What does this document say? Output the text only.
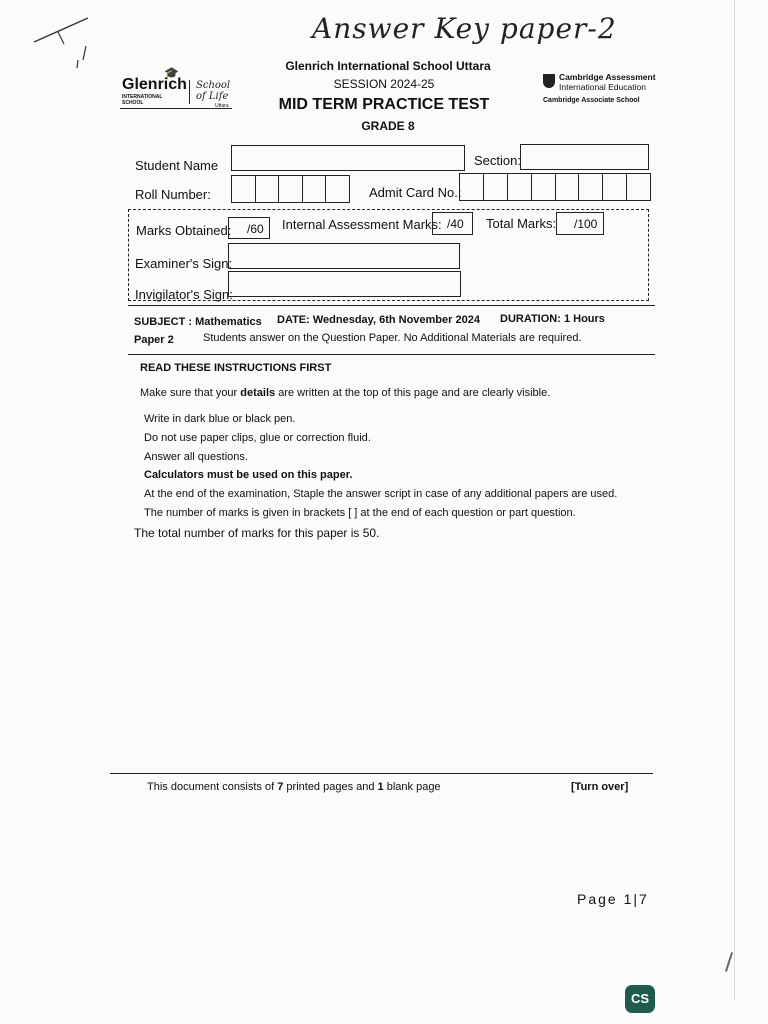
Answer Key paper-2
🎓
Glenrich
INTERNATIONAL SCHOOL
School
of Life
Uttara
Glenrich International School Uttara
SESSION 2024-25
MID TERM PRACTICE TEST
GRADE 8
Cambridge Assessment
International Education
Cambridge Associate School
Student Name	Section:
Roll Number:	Admit Card No.:
Marks Obtained: /60 Internal Assessment Marks: /40 Total Marks: /100
Examiner's Sign:
Invigilator's Sign:
SUBJECT : Mathematics DATE: Wednesday, 6th November 2024 DURATION: 1 Hours
Paper 2	Students answer on the Question Paper. No Additional Materials are required.
READ THESE INSTRUCTIONS FIRST
Make sure that your details are written at the top of this page and are clearly visible.
Write in dark blue or black pen.
Do not use paper clips, glue or correction fluid.
Answer all questions.
Calculators must be used on this paper.
At the end of the examination, Staple the answer script in case of any additional papers are used.
The number of marks is given in brackets [ ] at the end of each question or part question.
The total number of marks for this paper is 50.
This document consists of 7 printed pages and 1 blank page	[Turn over]
Page 1|7
CS
